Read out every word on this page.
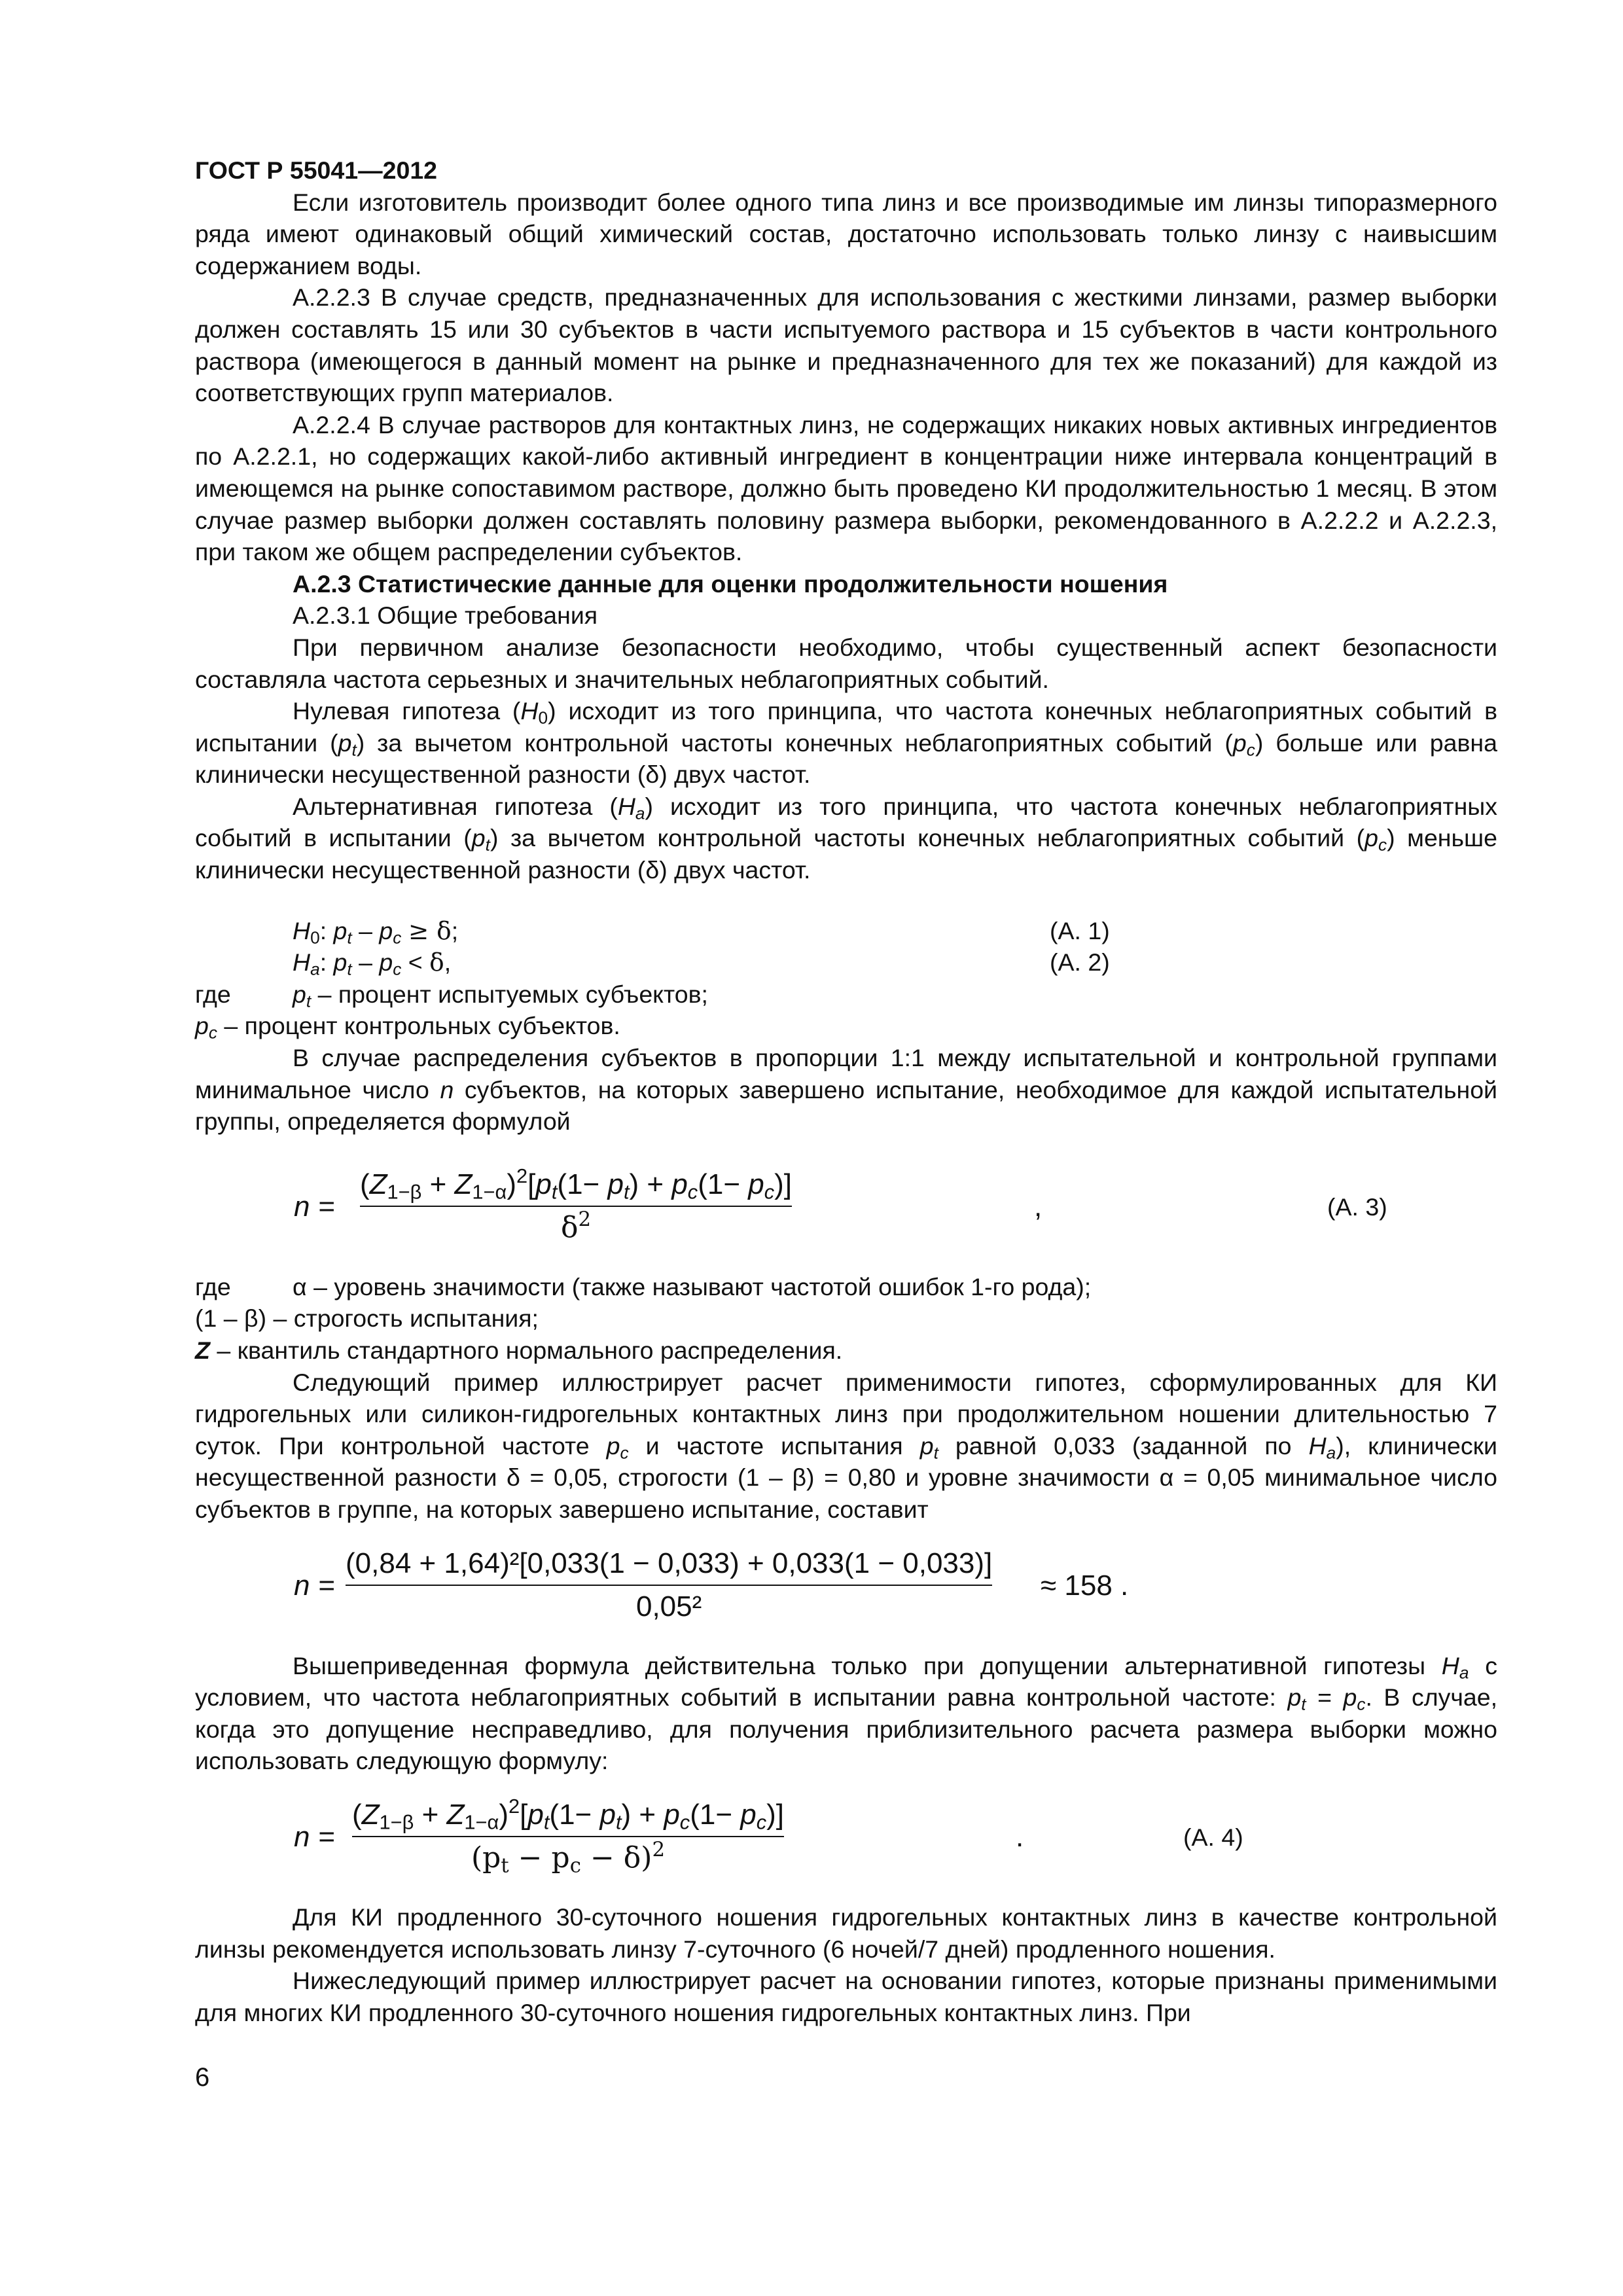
ГОСТ Р 55041—2012

Если изготовитель производит более одного типа линз и все производимые им линзы типоразмерного ряда имеют одинаковый общий химический состав, достаточно использовать только линзу с наивысшим содержанием воды.

А.2.2.3 В случае средств, предназначенных для использования с жесткими линзами, размер выборки должен составлять 15 или 30 субъектов в части испытуемого раствора и 15 субъектов в части контрольного раствора (имеющегося в данный момент на рынке и предназначенного для тех же показаний) для каждой из соответствующих групп материалов.

А.2.2.4 В случае растворов для контактных линз, не содержащих никаких новых активных ингредиентов по А.2.2.1, но содержащих какой-либо активный ингредиент в концентрации ниже интервала концентраций в имеющемся на рынке сопоставимом растворе, должно быть проведено КИ продолжительностью 1 месяц. В этом случае размер выборки должен составлять половину размера выборки, рекомендованного в А.2.2.2 и А.2.2.3, при таком же общем распределении субъектов.

А.2.3 Статистические данные для оценки продолжительности ношения

А.2.3.1 Общие требования

При первичном анализе безопасности необходимо, чтобы существенный аспект безопасности составляла частота серьезных и значительных неблагоприятных событий.

Нулевая гипотеза $(H_0)$ исходит из того принципа, что частота конечных неблагоприятных событий в испытании $(p_t)$ за вычетом контрольной частоты конечных неблагоприятных событий $(p_c)$ больше или равна клинически несущественной разности (δ) двух частот.

Альтернативная гипотеза $(H_a)$ исходит из того принципа, что частота конечных неблагоприятных событий в испытании $(p_t)$ за вычетом контрольной частоты конечных неблагоприятных событий $(p_c)$ меньше клинически несущественной разности (δ) двух частот.

$H_0$: $p_t - p_c \ge \delta$;	(А. 1)
$H_a$: $p_t - p_c < \delta$,	(А. 2)

где	$p_t$ – процент испытуемых субъектов;

$p_c$ – процент контрольных субъектов.

В случае распределения субъектов в пропорции 1:1 между испытательной и контрольной группами минимальное число n субъектов, на которых завершено испытание, необходимое для каждой испытательной группы, определяется формулой

n =
$(Z_{1-\beta} + Z_{1-\alpha})^2[p_t(1- p_t) + p_c(1- p_c)]$
$\delta^2$	,	(А. 3)

где	α – уровень значимости (также называют частотой ошибок 1-го рода);

(1 – β) – строгость испытания;

Z – квантиль стандартного нормального распределения.

Следующий пример иллюстрирует расчет применимости гипотез, сформулированных для КИ гидрогельных или силикон-гидрогельных контактных линз при продолжительном ношении длительностью 7 суток. При контрольной частоте $p_c$ и частоте испытания $p_t$ равной 0,033 (заданной по $H_a$), клинически несущественной разности δ = 0,05, строгости (1 – β) = 0,80 и уровне значимости α = 0,05 минимальное число субъектов в группе, на которых завершено испытание, составит

n =
(0,84 + 1,64)²[0,033(1 − 0,033) + 0,033(1 − 0,033)]
0,05²
≈ 158 .

Вышеприведенная формула действительна только при допущении альтернативной гипотезы $H_a$ с условием, что частота неблагоприятных событий в испытании равна контрольной частоте: $p_t = p_c$. В случае, когда это допущение несправедливо, для получения приблизительного расчета размера выборки можно использовать следующую формулу:

n =
$(Z_{1-\beta} + Z_{1-\alpha})^2[p_t(1- p_t) + p_c(1- p_c)]$
$(p_t - p_c - \delta)^2$	.	(А. 4)

Для КИ продленного 30-суточного ношения гидрогельных контактных линз в качестве контрольной линзы рекомендуется использовать линзу 7-суточного (6 ночей/7 дней) продленного ношения.

Нижеследующий пример иллюстрирует расчет на основании гипотез, которые признаны применимыми для многих КИ продленного 30-суточного ношения гидрогельных контактных линз. При

6
